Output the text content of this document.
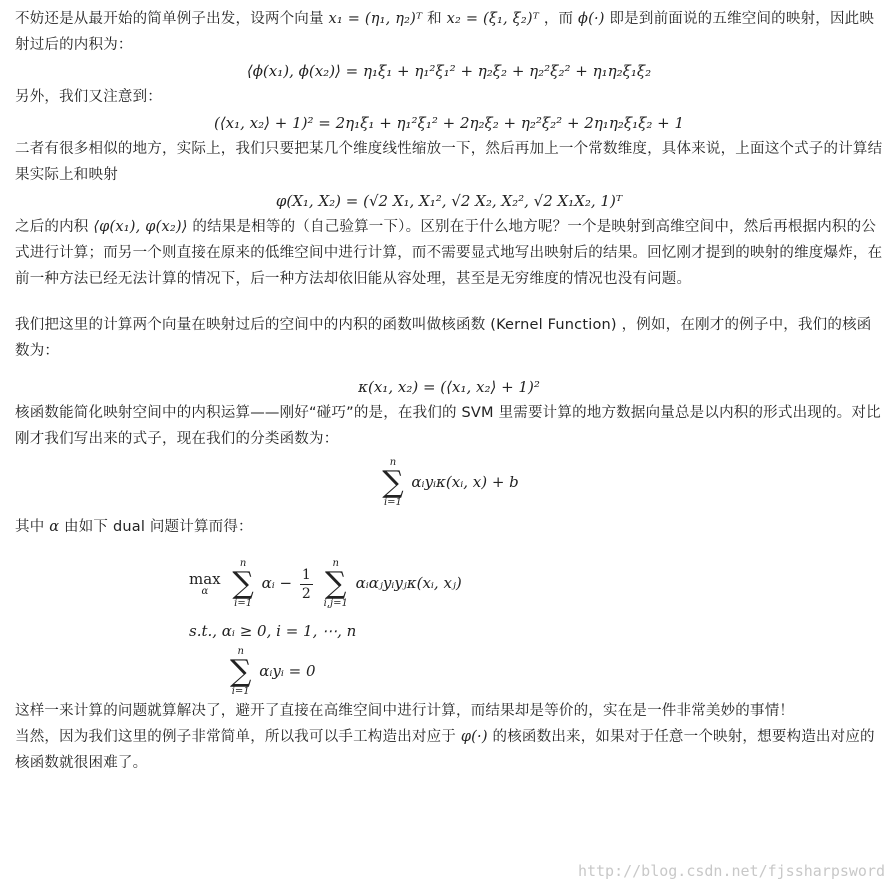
不妨还是从最开始的简单例子出发，设两个向量 x₁ = (η₁, η₂)ᵀ 和 x₂ = (ξ₁, ξ₂)ᵀ ，而 ϕ(·) 即是到前面说的五维空间的映射，因此映射过后的内积为：

⟨ϕ(x₁), ϕ(x₂)⟩ = η₁ξ₁ + η₁²ξ₁² + η₂ξ₂ + η₂²ξ₂² + η₁η₂ξ₁ξ₂

另外，我们又注意到：

(⟨x₁, x₂⟩ + 1)² = 2η₁ξ₁ + η₁²ξ₁² + 2η₂ξ₂ + η₂²ξ₂² + 2η₁η₂ξ₁ξ₂ + 1

二者有很多相似的地方，实际上，我们只要把某几个维度线性缩放一下，然后再加上一个常数维度，具体来说，上面这个式子的计算结果实际上和映射

φ(X₁, X₂) = (√2 X₁, X₁², √2 X₂, X₂², √2 X₁X₂, 1)ᵀ

之后的内积 ⟨φ(x₁), φ(x₂)⟩ 的结果是相等的（自己验算一下）。区别在于什么地方呢？一个是映射到高维空间中，然后再根据内积的公式进行计算；而另一个则直接在原来的低维空间中进行计算，而不需要显式地写出映射后的结果。回忆刚才提到的映射的维度爆炸，在前一种方法已经无法计算的情况下，后一种方法却依旧能从容处理，甚至是无穷维度的情况也没有问题。

我们把这里的计算两个向量在映射过后的空间中的内积的函数叫做核函数 (Kernel Function) ，例如，在刚才的例子中，我们的核函数为：

κ(x₁, x₂) = (⟨x₁, x₂⟩ + 1)²

核函数能简化映射空间中的内积运算——刚好“碰巧”的是，在我们的 SVM 里需要计算的地方数据向量总是以内积的形式出现的。对比刚才我们写出来的式子，现在我们的分类函数为：

n
∑
i=1
αᵢyᵢκ(xᵢ, x) + b

其中 α 由如下 dual 问题计算而得：

max
α

n
∑
i=1
αᵢ − $\frac{1}{2}$

n
∑
i,j=1
αᵢαⱼyᵢyⱼκ(xᵢ, xⱼ)
s.t., αᵢ ≥ 0, i = 1, ⋯, n
n
∑
i=1
αᵢyᵢ = 0

这样一来计算的问题就算解决了，避开了直接在高维空间中进行计算，而结果却是等价的，实在是一件非常美妙的事情！

当然，因为我们这里的例子非常简单，所以我可以手工构造出对应于 φ(·) 的核函数出来，如果对于任意一个映射，想要构造出对应的核函数就很困难了。

http://blog.csdn.net/fjssharpsword
